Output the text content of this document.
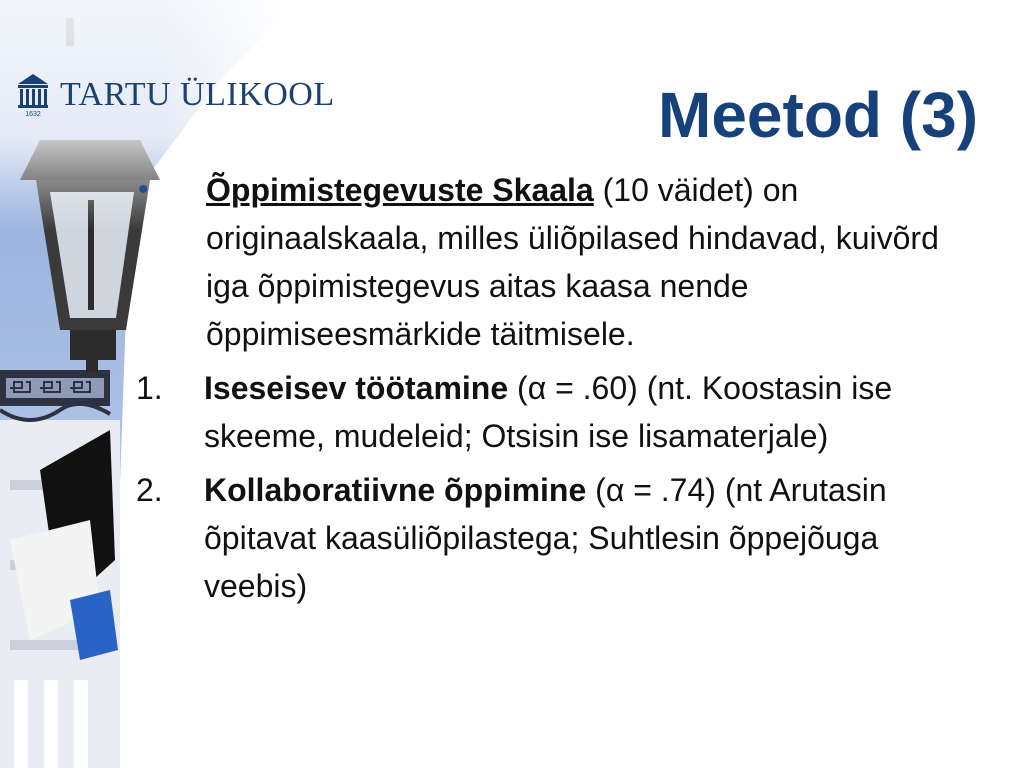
1632
TARTU ÜLIKOOL	Meetod (3)
•	Õppimistegevuste Skaala (10 väidet) on originaalskaala, milles üliõpilased hindavad, kuivõrd iga õppimistegevus aitas kaasa nende õppimiseesmärkide täitmisele.
1.	Iseseisev töötamine (α = .60) (nt. Koostasin ise skeeme, mudeleid; Otsisin ise lisamaterjale)
2.	Kollaboratiivne õppimine (α = .74) (nt Arutasin õpitavat kaasüliõpilastega; Suhtlesin õppejõuga veebis)
